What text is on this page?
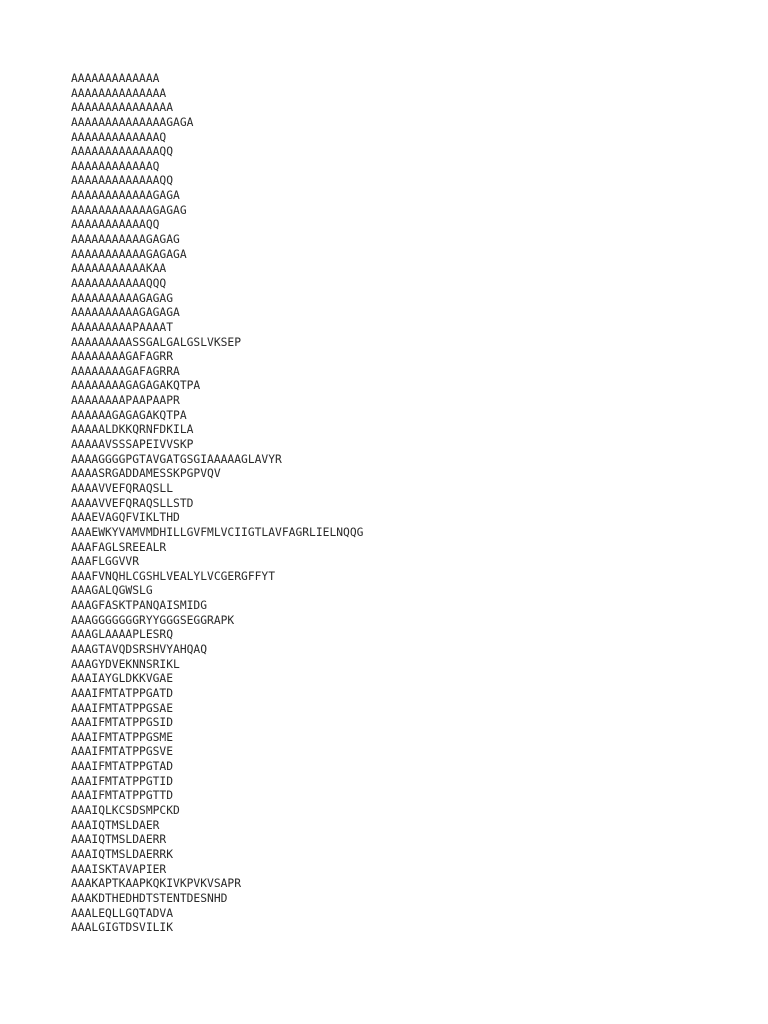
AAAAAAAAAAAAA
AAAAAAAAAAAAAA
AAAAAAAAAAAAAAA
AAAAAAAAAAAAAAGAGA
AAAAAAAAAAAAAQ
AAAAAAAAAAAAAQQ
AAAAAAAAAAAAQ
AAAAAAAAAAAAAQQ
AAAAAAAAAAAAGAGA
AAAAAAAAAAAAGAGAG
AAAAAAAAAAAQQ
AAAAAAAAAAAGAGAG
AAAAAAAAAAAGAGAGA
AAAAAAAAAAAKAA
AAAAAAAAAAAQQQ
AAAAAAAAAAGAGAG
AAAAAAAAAAGAGAGA
AAAAAAAAAPAAAAT
AAAAAAAAASSGALGALGSLVKSEP
AAAAAAAAGAFAGRR
AAAAAAAAGAFAGRRA
AAAAAAAAGAGAGAKQTPA
AAAAAAAAPAAPAAPR
AAAAAAGAGAGAKQTPA
AAAAALDKKQRNFDKILA
AAAAAVSSSAPEIVVSKP
AAAAGGGGPGTAVGATGSGIAAAAAGLAVYR
AAAASRGADDAMESSKPGPVQV
AAAAVVEFQRAQSLL
AAAAVVEFQRAQSLLSTD
AAAEVAGQFVIKLTHD
AAAEWKYVAMVMDHILLGVFMLVCIIGTLAVFAGRLIELNQQG
AAAFAGLSREEALR
AAAFLGGVVR
AAAFVNQHLCGSHLVEALYLVCGERGFFYT
AAAGALQGWSLG
AAAGFASKTPANQAISMIDG
AAAGGGGGGGRYYGGGSEGGRAPK
AAAGLAAAAPLESRQ
AAAGTAVQDSRSHVYAHQAQ
AAAGYDVEKNNSRIKL
AAAIAYGLDKKVGAE
AAAIFMTATPPGATD
AAAIFMTATPPGSAE
AAAIFMTATPPGSID
AAAIFMTATPPGSME
AAAIFMTATPPGSVE
AAAIFMTATPPGTAD
AAAIFMTATPPGTID
AAAIFMTATPPGTTD
AAAIQLKCSDSMPCKD
AAAIQTMSLDAER
AAAIQTMSLDAERR
AAAIQTMSLDAERRK
AAAISKTAVAPIER
AAAKAPTKAAPKQKIVKPVKVSAPR
AAAKDTHEDHDTSTENTDESNHD
AAALEQLLGQTADVA
AAALGIGTDSVILIK
